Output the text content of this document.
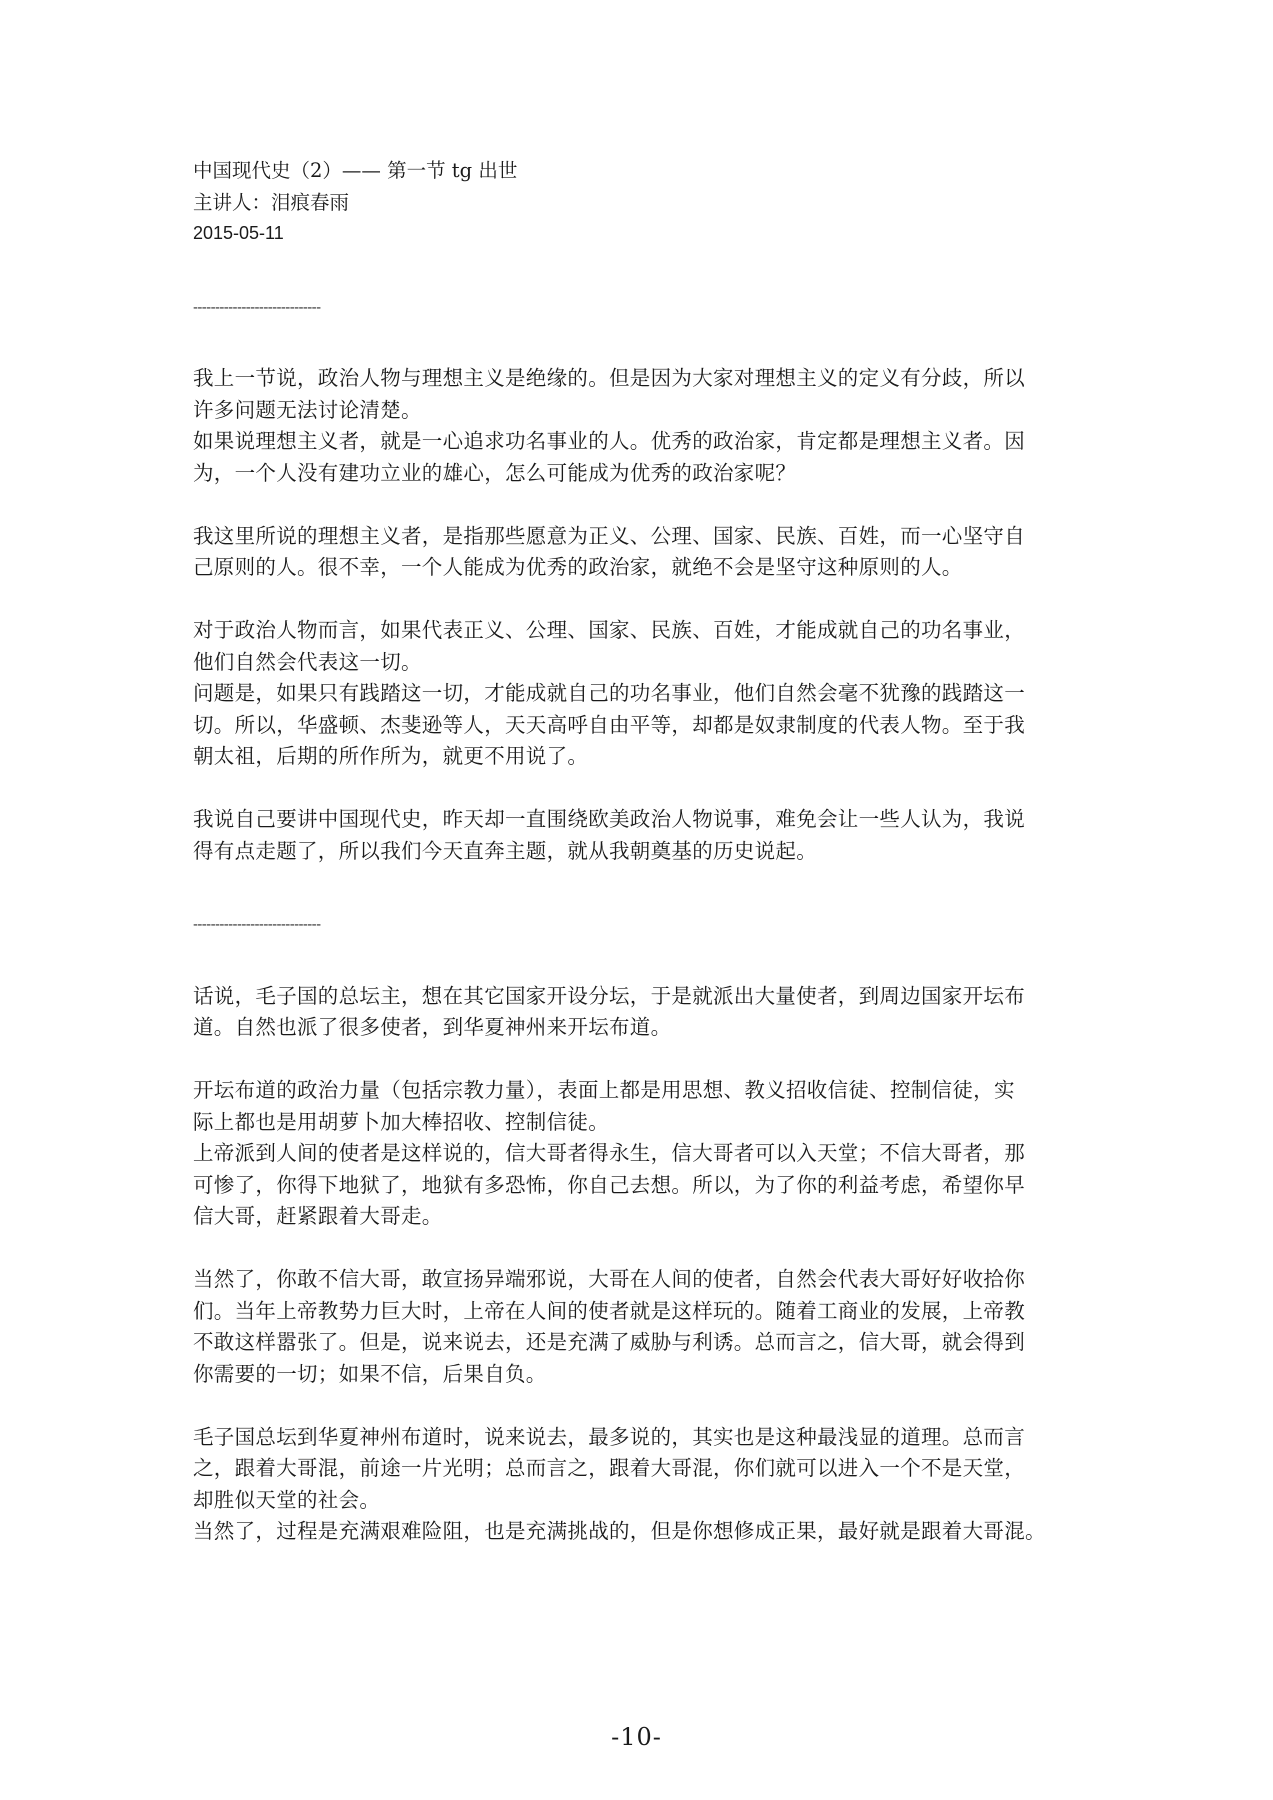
中国现代史（2）—— 第一节 tg 出世
主讲人：泪痕春雨
2015-05-11
-----------------------------
我上一节说，政治人物与理想主义是绝缘的。但是因为大家对理想主义的定义有分歧，所以
许多问题无法讨论清楚。
如果说理想主义者，就是一心追求功名事业的人。优秀的政治家，肯定都是理想主义者。因
为，一个人没有建功立业的雄心，怎么可能成为优秀的政治家呢？
我这里所说的理想主义者，是指那些愿意为正义、公理、国家、民族、百姓，而一心坚守自
己原则的人。很不幸，一个人能成为优秀的政治家，就绝不会是坚守这种原则的人。
对于政治人物而言，如果代表正义、公理、国家、民族、百姓，才能成就自己的功名事业，
他们自然会代表这一切。
问题是，如果只有践踏这一切，才能成就自己的功名事业，他们自然会毫不犹豫的践踏这一
切。所以，华盛顿、杰斐逊等人，天天高呼自由平等，却都是奴隶制度的代表人物。至于我
朝太祖，后期的所作所为，就更不用说了。
我说自己要讲中国现代史，昨天却一直围绕欧美政治人物说事，难免会让一些人认为，我说
得有点走题了，所以我们今天直奔主题，就从我朝奠基的历史说起。
-----------------------------
话说，毛子国的总坛主，想在其它国家开设分坛，于是就派出大量使者，到周边国家开坛布
道。自然也派了很多使者，到华夏神州来开坛布道。
开坛布道的政治力量（包括宗教力量），表面上都是用思想、教义招收信徒、控制信徒，实
际上都也是用胡萝卜加大棒招收、控制信徒。
上帝派到人间的使者是这样说的，信大哥者得永生，信大哥者可以入天堂；不信大哥者，那
可惨了，你得下地狱了，地狱有多恐怖，你自己去想。所以，为了你的利益考虑，希望你早
信大哥，赶紧跟着大哥走。
当然了，你敢不信大哥，敢宣扬异端邪说，大哥在人间的使者，自然会代表大哥好好收拾你
们。当年上帝教势力巨大时，上帝在人间的使者就是这样玩的。随着工商业的发展，上帝教
不敢这样嚣张了。但是，说来说去，还是充满了威胁与利诱。总而言之，信大哥，就会得到
你需要的一切；如果不信，后果自负。
毛子国总坛到华夏神州布道时，说来说去，最多说的，其实也是这种最浅显的道理。总而言
之，跟着大哥混，前途一片光明；总而言之，跟着大哥混，你们就可以进入一个不是天堂，
却胜似天堂的社会。
当然了，过程是充满艰难险阻，也是充满挑战的，但是你想修成正果，最好就是跟着大哥混。
-10-
